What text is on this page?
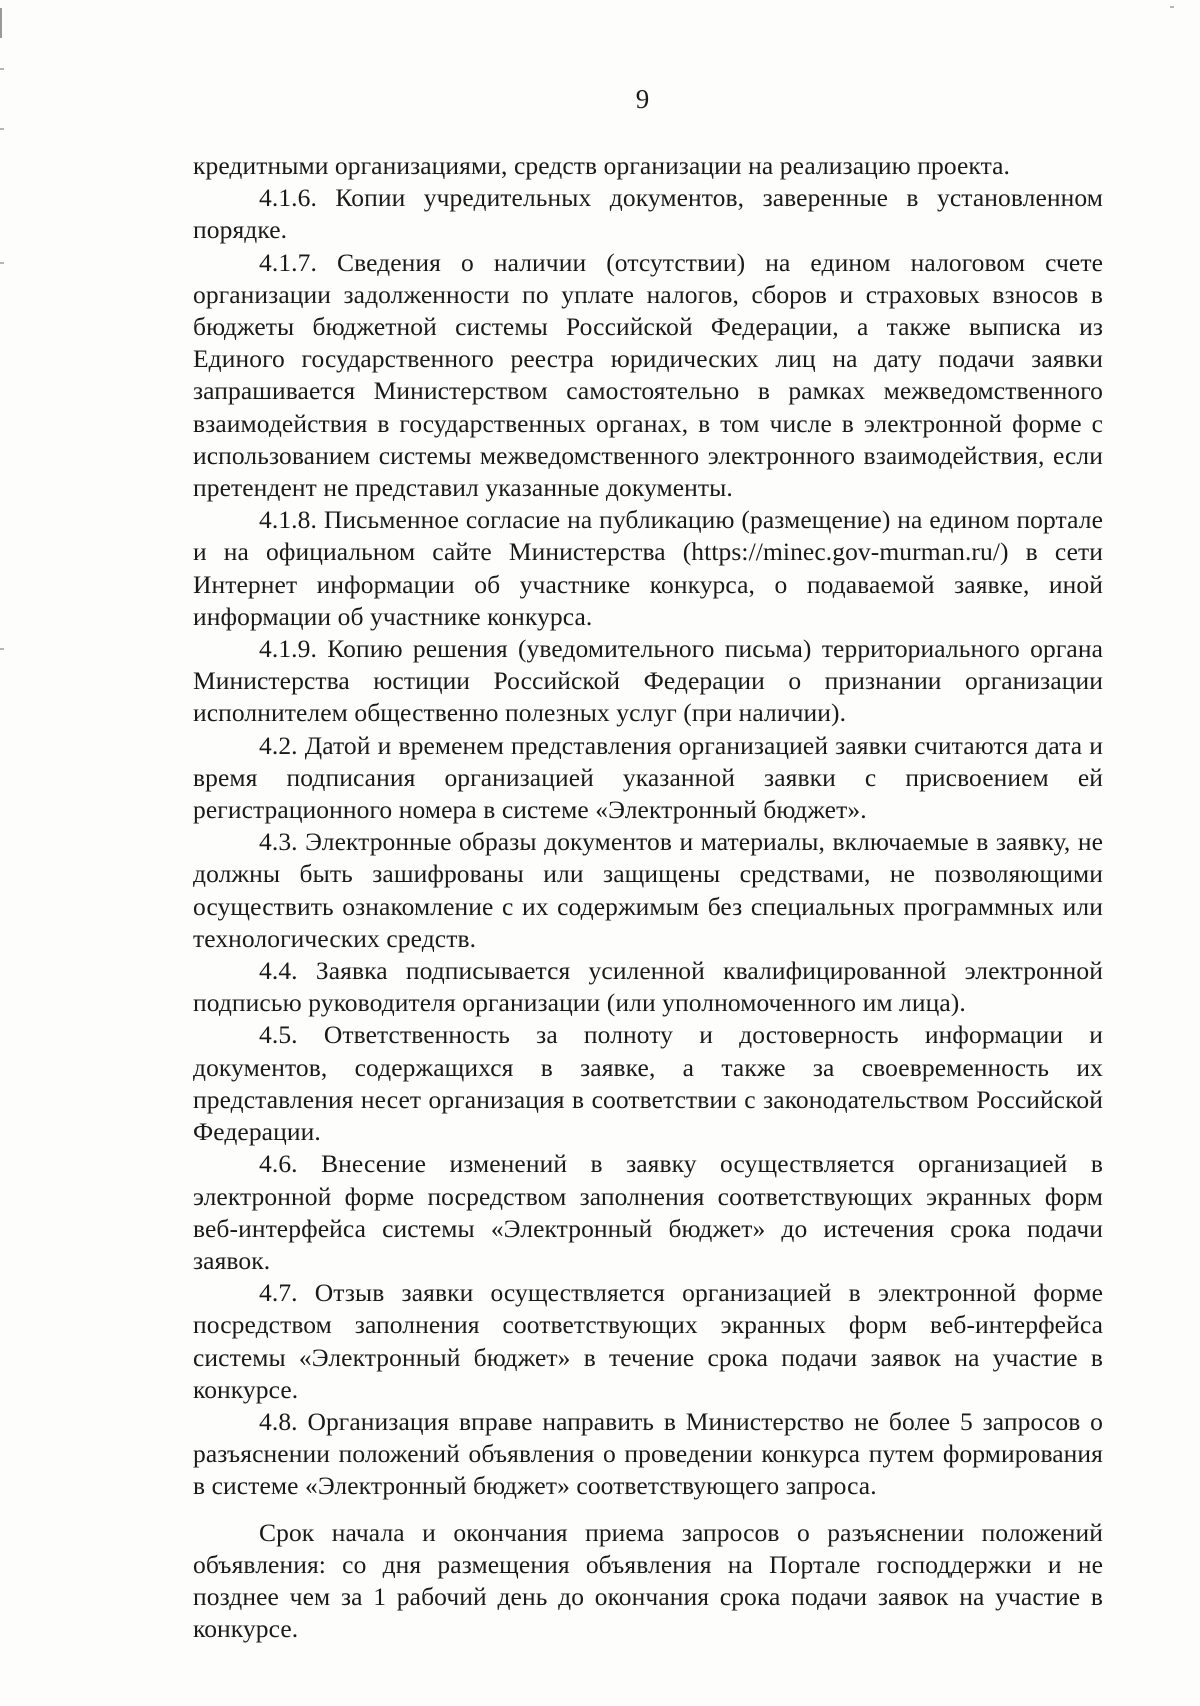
9

кредитными организациями, средств организации на реализацию проекта.

4.1.6. Копии учредительных документов, заверенные в установленном порядке.

4.1.7. Сведения о наличии (отсутствии) на едином налоговом счете организации задолженности по уплате налогов, сборов и страховых взносов в бюджеты бюджетной системы Российской Федерации, а также выписка из Единого государственного реестра юридических лиц на дату подачи заявки запрашивается Министерством самостоятельно в рамках межведомственного взаимодействия в государственных органах, в том числе в электронной форме с использованием системы межведомственного электронного взаимодействия, если претендент не представил указанные документы.

4.1.8. Письменное согласие на публикацию (размещение) на едином портале и на официальном сайте Министерства (https://minec.gov-murman.ru/) в сети Интернет информации об участнике конкурса, о подаваемой заявке, иной информации об участнике конкурса.

4.1.9. Копию решения (уведомительного письма) территориального органа Министерства юстиции Российской Федерации о признании организации исполнителем общественно полезных услуг (при наличии).

4.2. Датой и временем представления организацией заявки считаются дата и время подписания организацией указанной заявки с присвоением ей регистрационного номера в системе «Электронный бюджет».

4.3. Электронные образы документов и материалы, включаемые в заявку, не должны быть зашифрованы или защищены средствами, не позволяющими осуществить ознакомление с их содержимым без специальных программных или технологических средств.

4.4. Заявка подписывается усиленной квалифицированной электронной подписью руководителя организации (или уполномоченного им лица).

4.5. Ответственность за полноту и достоверность информации и документов, содержащихся в заявке, а также за своевременность их представления несет организация в соответствии с законодательством Российской Федерации.

4.6. Внесение изменений в заявку осуществляется организацией в электронной форме посредством заполнения соответствующих экранных форм веб-интерфейса системы «Электронный бюджет» до истечения срока подачи заявок.

4.7. Отзыв заявки осуществляется организацией в электронной форме посредством заполнения соответствующих экранных форм веб-интерфейса системы «Электронный бюджет» в течение срока подачи заявок на участие в конкурсе.

4.8. Организация вправе направить в Министерство не более 5 запросов о разъяснении положений объявления о проведении конкурса путем формирования в системе «Электронный бюджет» соответствующего запроса.

Срок начала и окончания приема запросов о разъяснении положений объявления: со дня размещения объявления на Портале господдержки и не позднее чем за 1 рабочий день до окончания срока подачи заявок на участие в конкурсе.
